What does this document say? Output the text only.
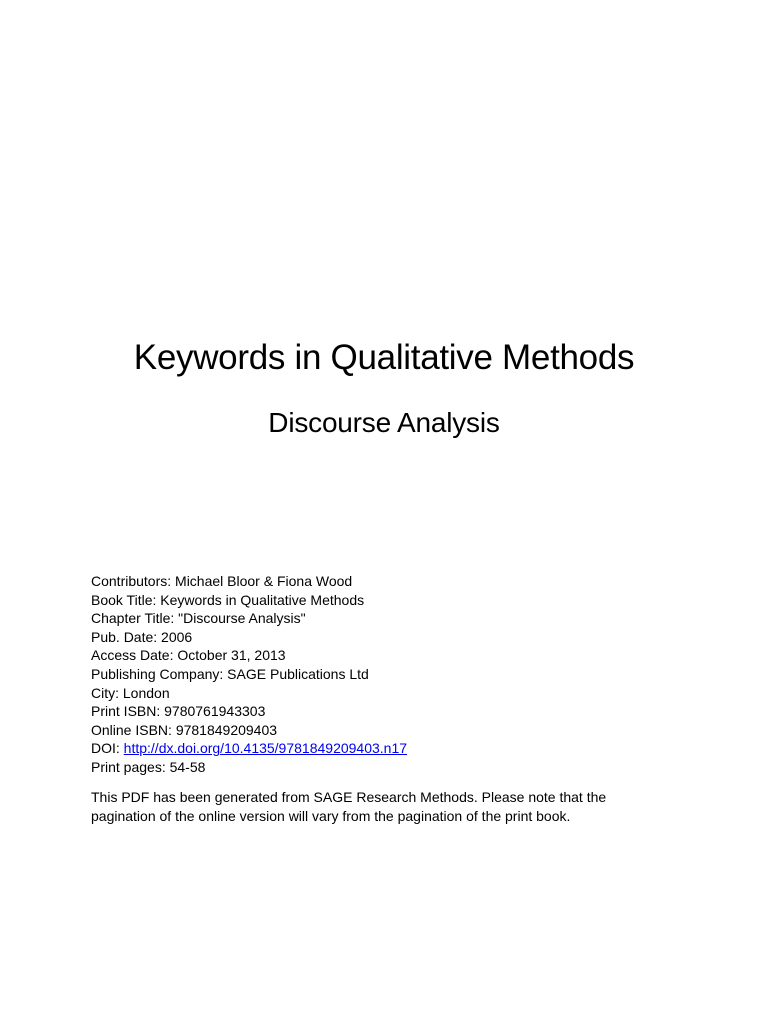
Keywords in Qualitative Methods
Discourse Analysis
Contributors: Michael Bloor & Fiona Wood
Book Title: Keywords in Qualitative Methods
Chapter Title: "Discourse Analysis"
Pub. Date: 2006
Access Date: October 31, 2013
Publishing Company: SAGE Publications Ltd
City: London
Print ISBN: 9780761943303
Online ISBN: 9781849209403
DOI: http://dx.doi.org/10.4135/9781849209403.n17
Print pages: 54-58
This PDF has been generated from SAGE Research Methods. Please note that the
pagination of the online version will vary from the pagination of the print book.
